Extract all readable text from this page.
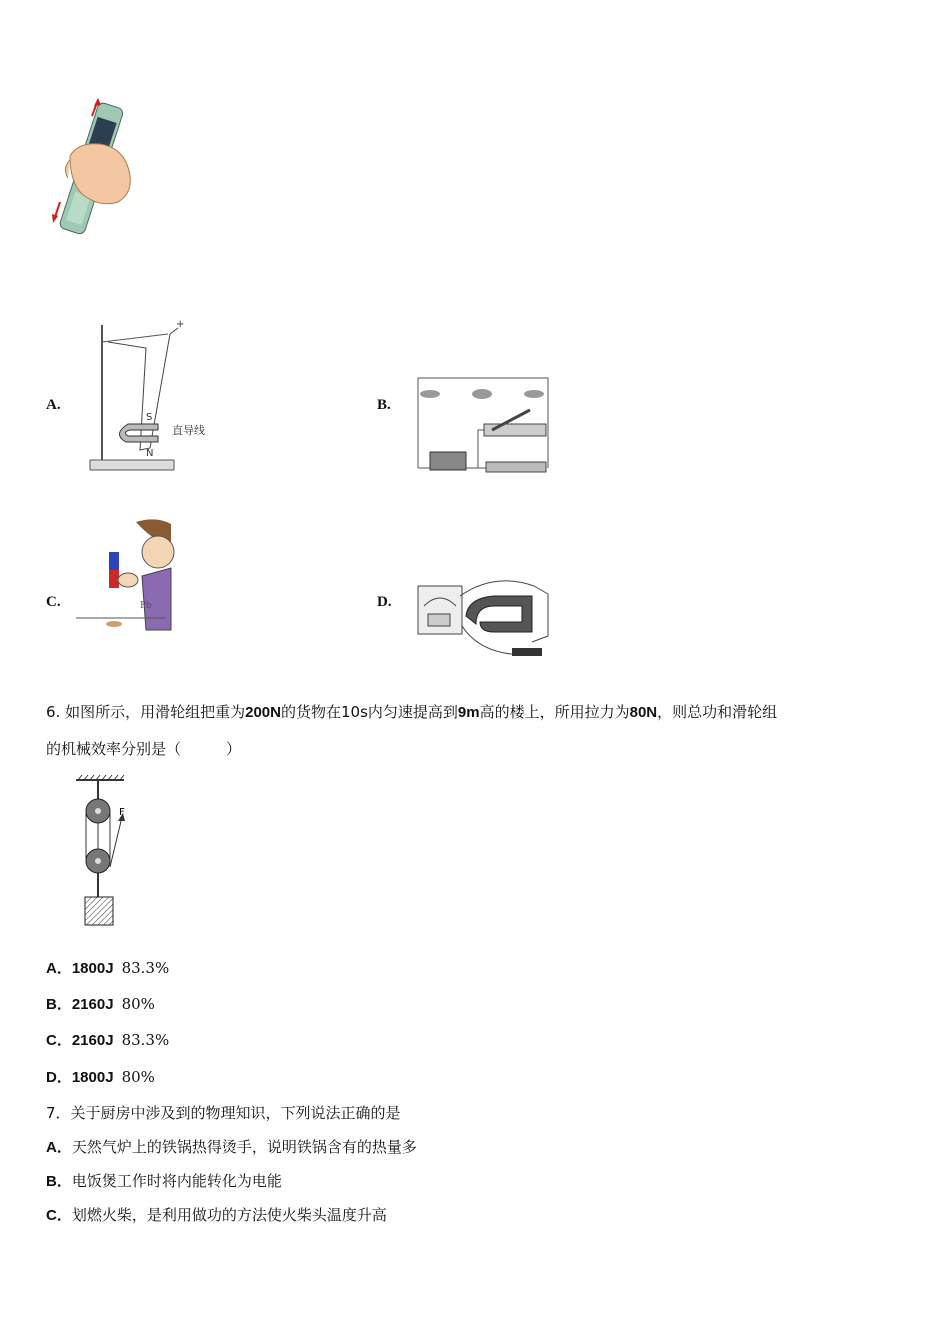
A.
S
N
直导线
+
B.
C.	Pb	D.
6. 如图所示，用滑轮组把重为200N的货物在10s内匀速提高到9m高的楼上，所用拉力为80N，则总功和滑轮组
的机械效率分别是（　　　）
F
A．1800J 83.3%
B．2160J 80%
C．2160J 83.3%
D．1800J 80%
7．关于厨房中涉及到的物理知识，下列说法正确的是
A．天然气炉上的铁锅热得烫手，说明铁锅含有的热量多
B．电饭煲工作时将内能转化为电能
C．划燃火柴，是利用做功的方法使火柴头温度升高
